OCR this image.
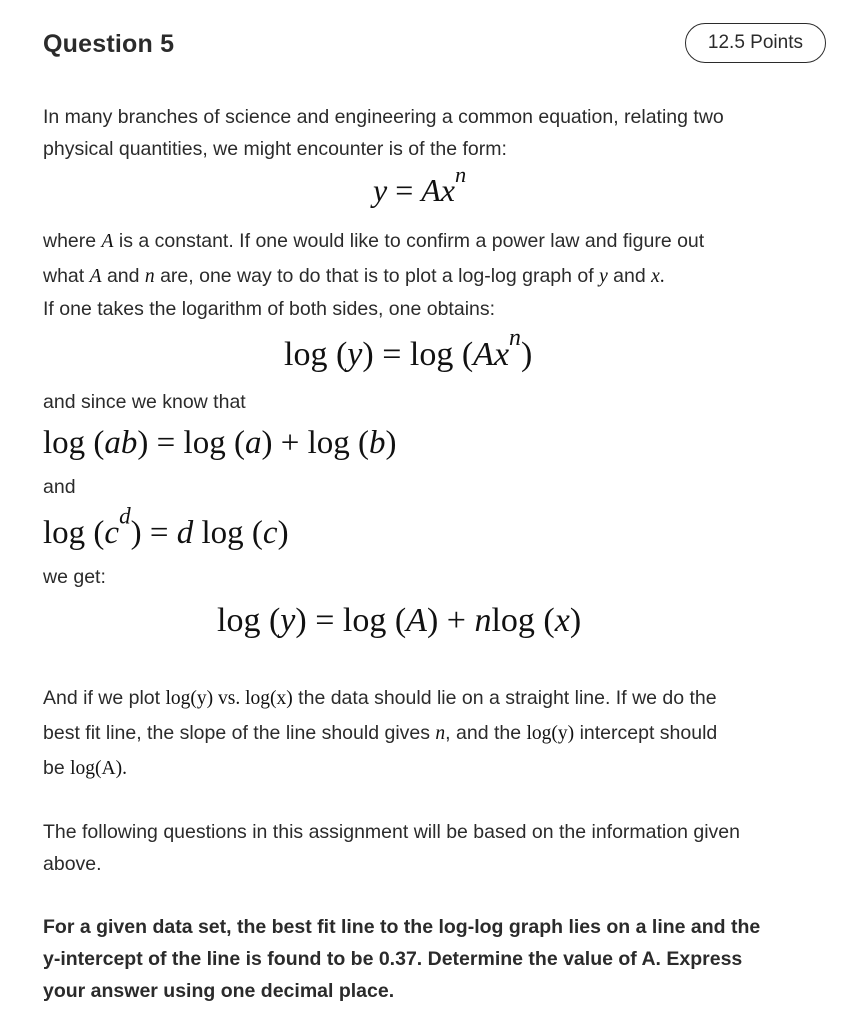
Question 5	12.5 Points
In many branches of science and engineering a common equation, relating two
physical quantities, we might encounter is of the form:
$y = Ax^n$
where A is a constant. If one would like to confirm a power law and figure out
what A and n are, one way to do that is to plot a log-log graph of y and x.
If one takes the logarithm of both sides, one obtains:
log (y) = log (Ax$^n$)
and since we know that
log (ab) = log (a) + log (b)
and
$\log (c^d) = d$ log (c)
we get:
log (y) = log (A) + nlog (x)
And if we plot log(y) vs. log(x) the data should lie on a straight line. If we do the
best fit line, the slope of the line should gives n, and the log(y) intercept should
be log(A).
The following questions in this assignment will be based on the information given
above.
For a given data set, the best fit line to the log-log graph lies on a line and the
y-intercept of the line is found to be 0.37. Determine the value of A. Express
your answer using one decimal place.
